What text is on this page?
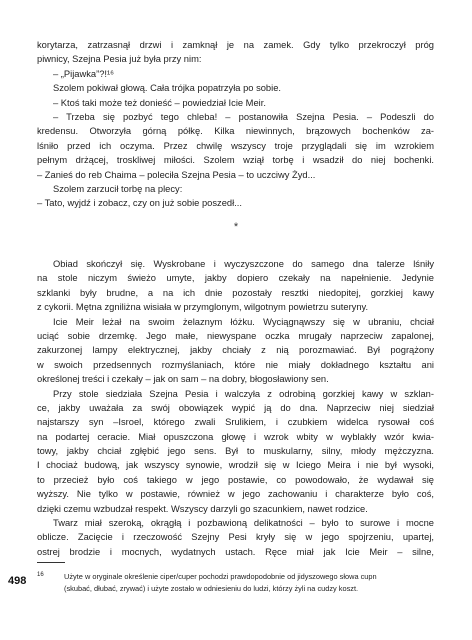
korytarza, zatrzasnął drzwi i zamknął je na zamek. Gdy tylko przekroczył próg
piwnicy, Szejna Pesia już była przy nim:
– „Pijawka”?!¹⁶
Szolem pokiwał głową. Cała trójka popatrzyła po sobie.
– Ktoś taki może też donieść – powiedział Icie Meir.
– Trzeba się pozbyć tego chleba! – postanowiła Szejna Pesia. – Podeszli do
kredensu. Otworzyła górną półkę. Kilka niewinnych, brązowych bochenków za-
lśniło przed ich oczyma. Przez chwilę wszyscy troje przyglądali się im wzrokiem
pełnym drżącej, troskliwej miłości. Szolem wziął torbę i wsadził do niej bochenki.
– Zanieś do reb Chaima – poleciła Szejna Pesia – to uczciwy Żyd...
Szolem zarzucił torbę na plecy:
– Tato, wyjdź i zobacz, czy on już sobie poszedł...
*
Obiad skończył się. Wyskrobane i wyczyszczone do samego dna talerze lśniły
na stole niczym świeżo umyte, jakby dopiero czekały na napełnienie. Jedynie
szklanki były brudne, a na ich dnie pozostały resztki niedopitej, gorzkiej kawy
z cykorii. Mętna zgniliżna wisiała w przymglonym, wilgotnym powietrzu suteryny.
Icie Meir leżał na swoim żelaznym łóżku. Wyciągnąwszy się w ubraniu, chciał
uciąć sobie drzemkę. Jego małe, niewyspane oczka mrugały naprzeciw zapalonej,
zakurzonej lampy elektrycznej, jakby chciały z nią porozmawiać. Był pogrążony
w swoich przedsennych rozmyślaniach, które nie miały dokładnego kształtu ani
określonej treści i czekały – jak on sam – na dobry, błogosławiony sen.
Przy stole siedziała Szejna Pesia i walczyła z odrobiną gorzkiej kawy w szklan-
ce, jakby uważała za swój obowiązek wypić ją do dna. Naprzeciw niej siedział
najstarszy syn –Isroel, którego zwali Srulikiem, i czubkiem widelca rysował coś
na podartej ceracie. Miał opuszczona głowę i wzrok wbity w wyblakły wzór kwia-
towy, jakby chciał zgłębić jego sens. Był to muskularny, silny, młody mężczyzna.
I chociaż budową, jak wszyscy synowie, wrodził się w Iciego Meira i nie był wysoki,
to przecież było coś takiego w jego postawie, co powodowało, że wydawał się
wyższy. Nie tylko w postawie, również w jego zachowaniu i charakterze było coś,
dzięki czemu wzbudzał respekt. Wszyscy darzyli go szacunkiem, nawet rodzice.
Twarz miał szeroką, okrągłą i pozbawioną delikatności – było to surowe i mocne
oblicze. Zacięcie i rzeczowość Szejny Pesi kryły się w jego spojrzeniu, upartej,
ostrej brodzie i mocnych, wydatnych ustach. Ręce miał jak Icie Meir – silne,
498 16	Użyte w oryginale określenie ciper/cuper pochodzi prawdopodobnie od jidyszowego słowa cupn
(skubać, dłubać, zrywać) i użyte zostało w odniesieniu do ludzi, którzy żyli na cudzy koszt.
